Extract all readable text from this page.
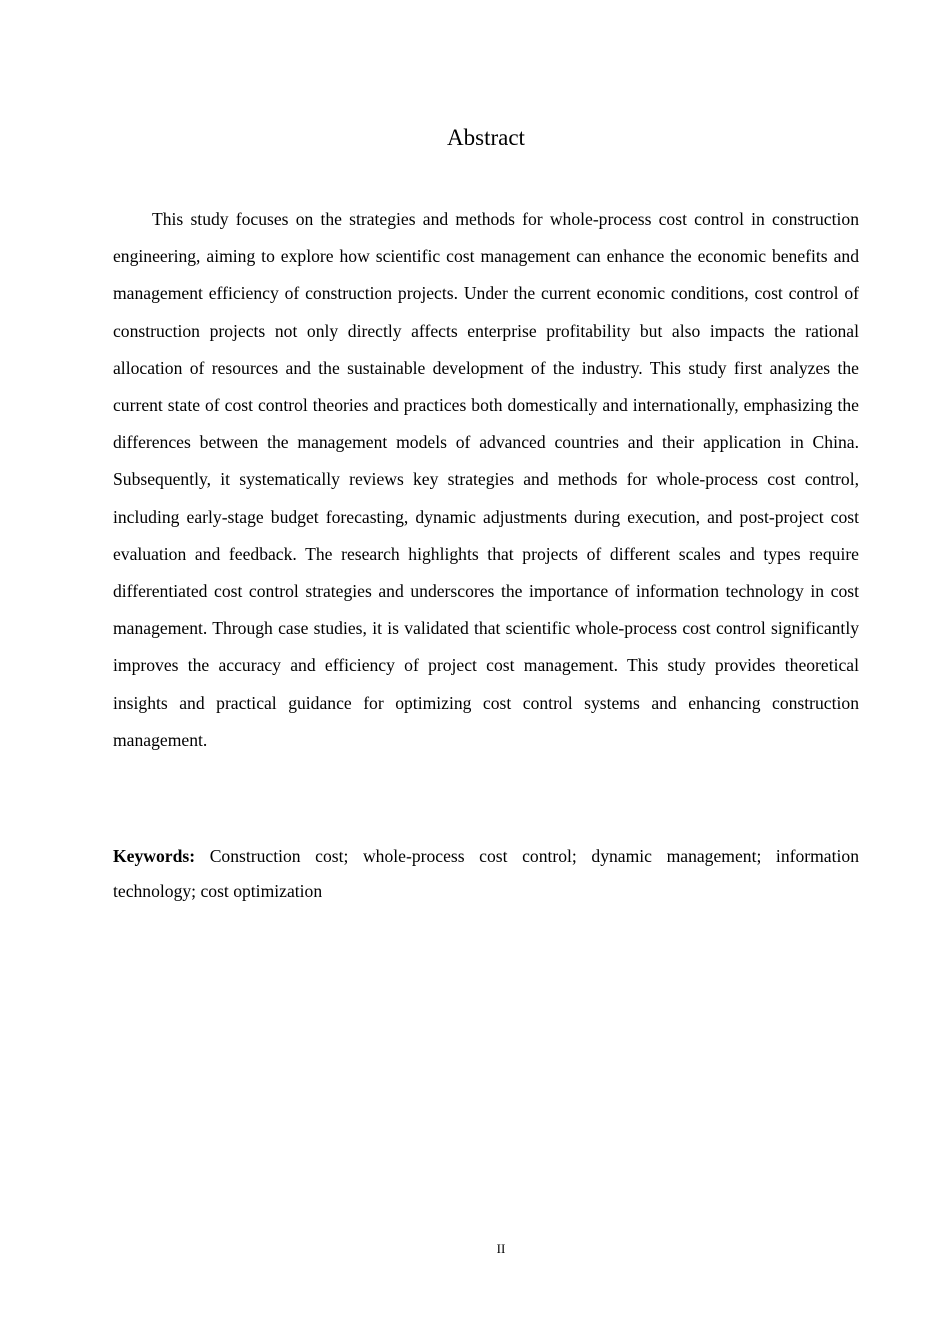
Abstract

This study focuses on the strategies and methods for whole-process cost control in construction engineering, aiming to explore how scientific cost management can enhance the economic benefits and management efficiency of construction projects. Under the current economic conditions, cost control of construction projects not only directly affects enterprise profitability but also impacts the rational allocation of resources and the sustainable development of the industry. This study first analyzes the current state of cost control theories and practices both domestically and internationally, emphasizing the differences between the management models of advanced countries and their application in China. Subsequently, it systematically reviews key strategies and methods for whole-process cost control, including early-stage budget forecasting, dynamic adjustments during execution, and post-project cost evaluation and feedback. The research highlights that projects of different scales and types require differentiated cost control strategies and underscores the importance of information technology in cost management. Through case studies, it is validated that scientific whole-process cost control significantly improves the accuracy and efficiency of project cost management. This study provides theoretical insights and practical guidance for optimizing cost control systems and enhancing construction management.

Keywords: Construction cost; whole-process cost control; dynamic management; information technology; cost optimization

II
